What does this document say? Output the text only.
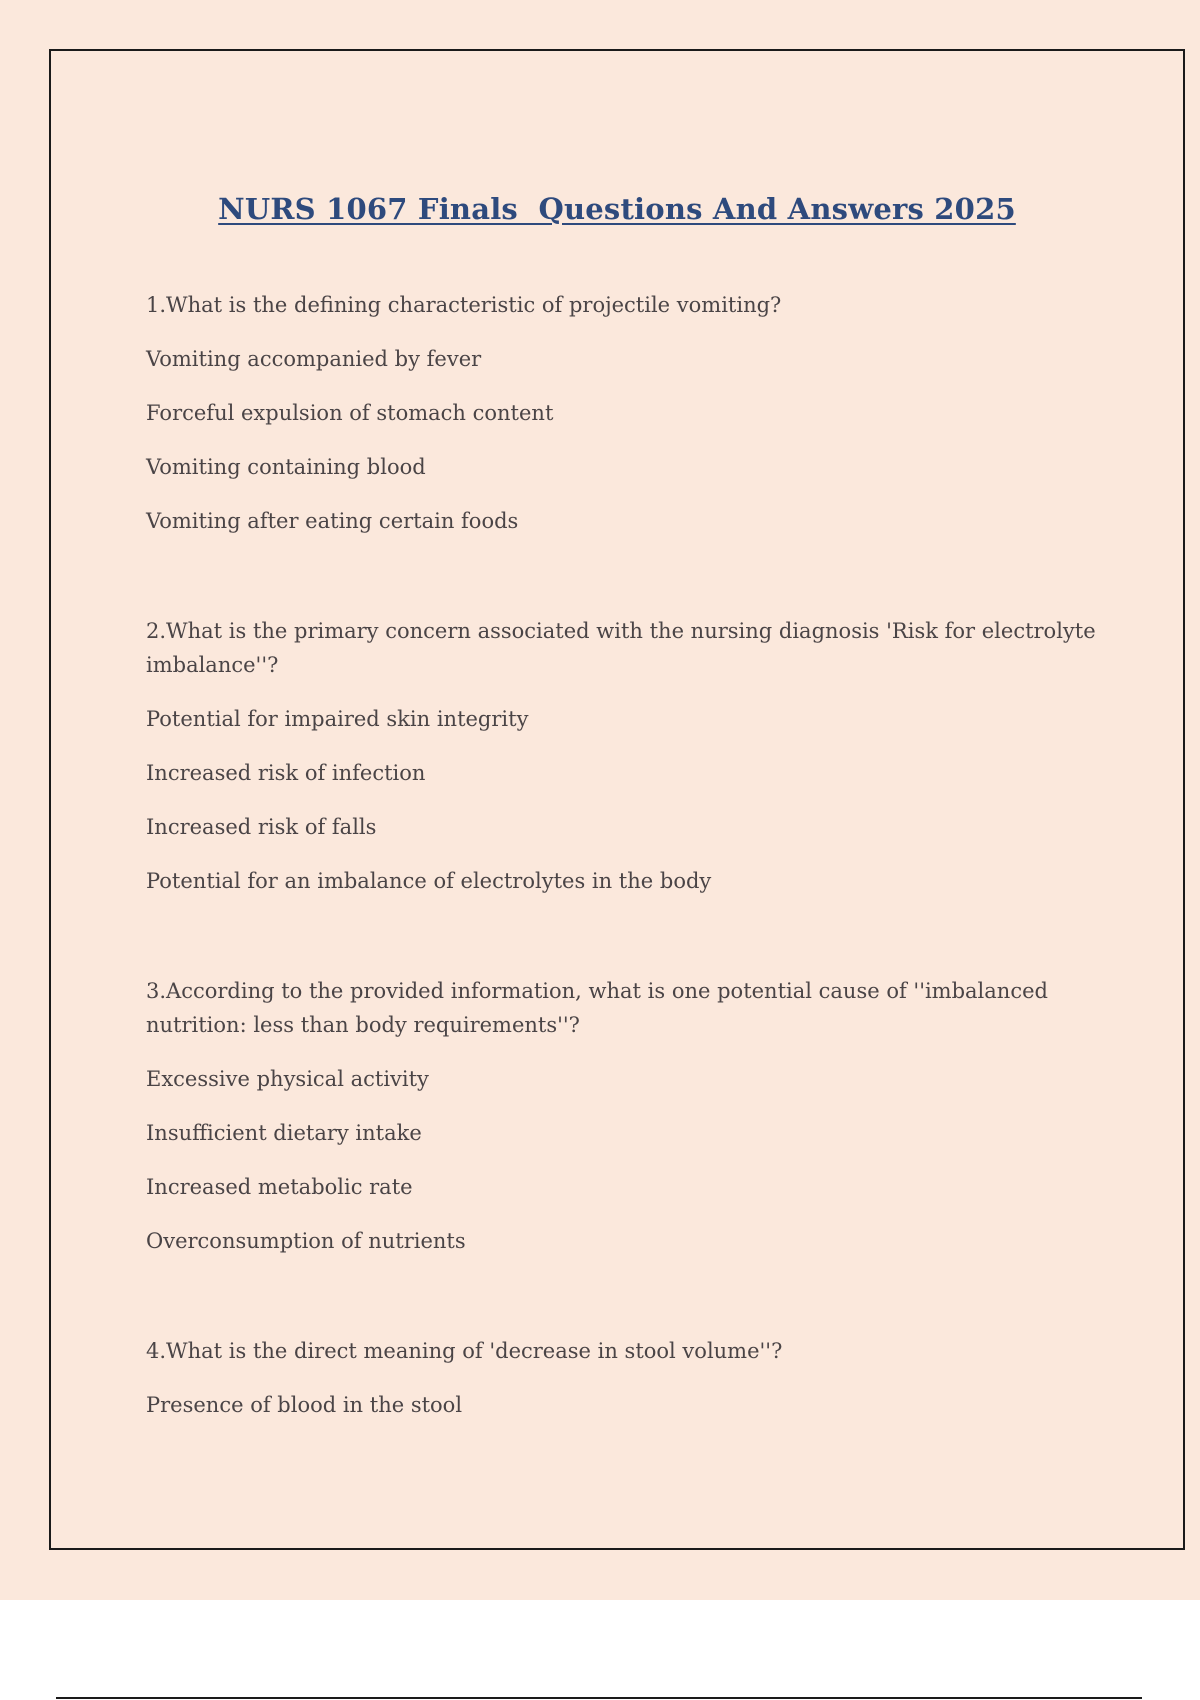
NURS 1067 Finals  Questions And Answers 2025

1.What is the defining characteristic of projectile vomiting?

Vomiting accompanied by fever

Forceful expulsion of stomach content

Vomiting containing blood

Vomiting after eating certain foods

2.What is the primary concern associated with the nursing diagnosis 'Risk for electrolyte imbalance''?

Potential for impaired skin integrity

Increased risk of infection

Increased risk of falls

Potential for an imbalance of electrolytes in the body

3.According to the provided information, what is one potential cause of ''imbalanced nutrition: less than body requirements''?

Excessive physical activity

Insufficient dietary intake

Increased metabolic rate

Overconsumption of nutrients

4.What is the direct meaning of 'decrease in stool volume''?

Presence of blood in the stool
